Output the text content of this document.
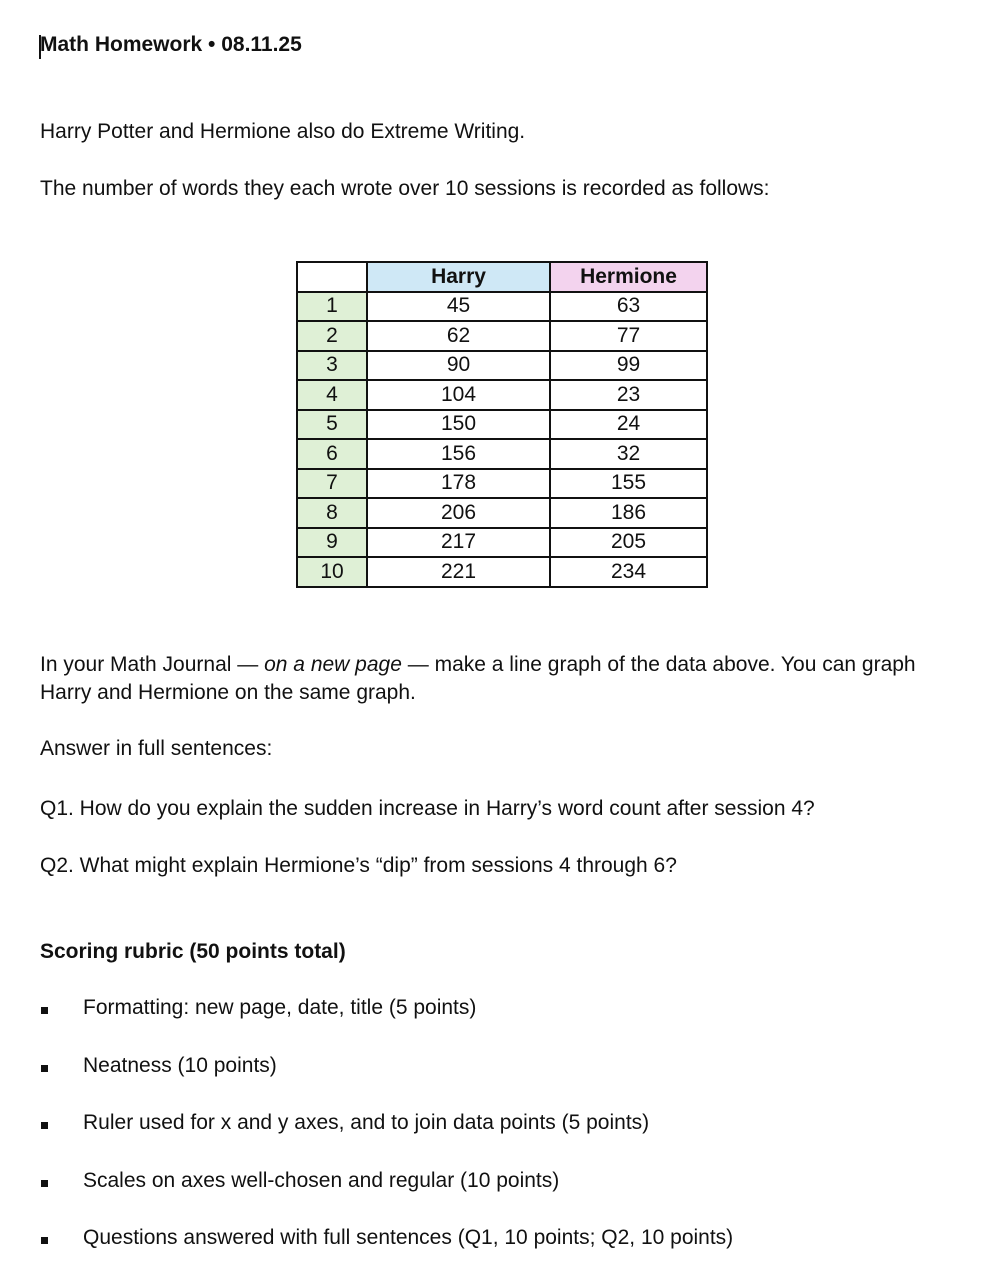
Math Homework • 08.11.25

Harry Potter and Hermione also do Extreme Writing.

The number of words they each wrote over 10 sessions is recorded as follows:

	Harry	Hermione
1	45	63
2	62	77
3	90	99
4	104	23
5	150	24
6	156	32
7	178	155
8	206	186
9	217	205
10	221	234

In your Math Journal — on a new page — make a line graph of the data above. You can graph

Harry and Hermione on the same graph.

Answer in full sentences:

Q1. How do you explain the sudden increase in Harry’s word count after session 4?

Q2. What might explain Hermione’s “dip” from sessions 4 through 6?

Scoring rubric (50 points total)

Formatting: new page, date, title (5 points)
Neatness (10 points)
Ruler used for x and y axes, and to join data points (5 points)
Scales on axes well-chosen and regular (10 points)
Questions answered with full sentences (Q1, 10 points; Q2, 10 points)
